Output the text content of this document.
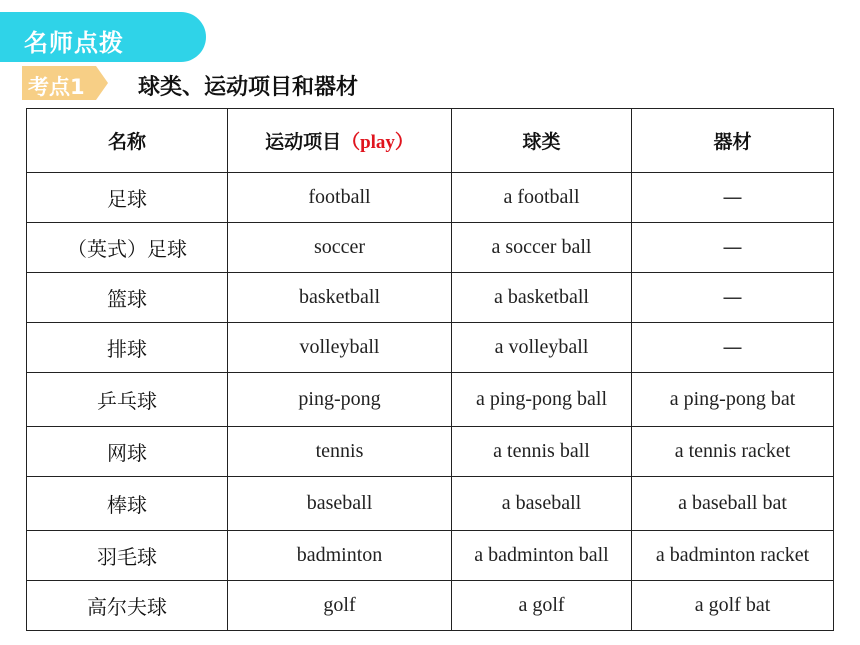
名师点拨
考点1 球类、运动项目和器材
名称	运动项目（play）	球类	器材
足球	football	a football	—
（英式）足球	soccer	a soccer ball	—
篮球	basketball	a basketball	—
排球	volleyball	a volleyball	—
乒乓球	ping-pong	a ping-pong ball	a ping-pong bat
网球	tennis	a tennis ball	a tennis racket
棒球	baseball	a baseball	a baseball bat
羽毛球	badminton	a badminton ball	a badminton racket
高尔夫球	golf	a golf	a golf bat
